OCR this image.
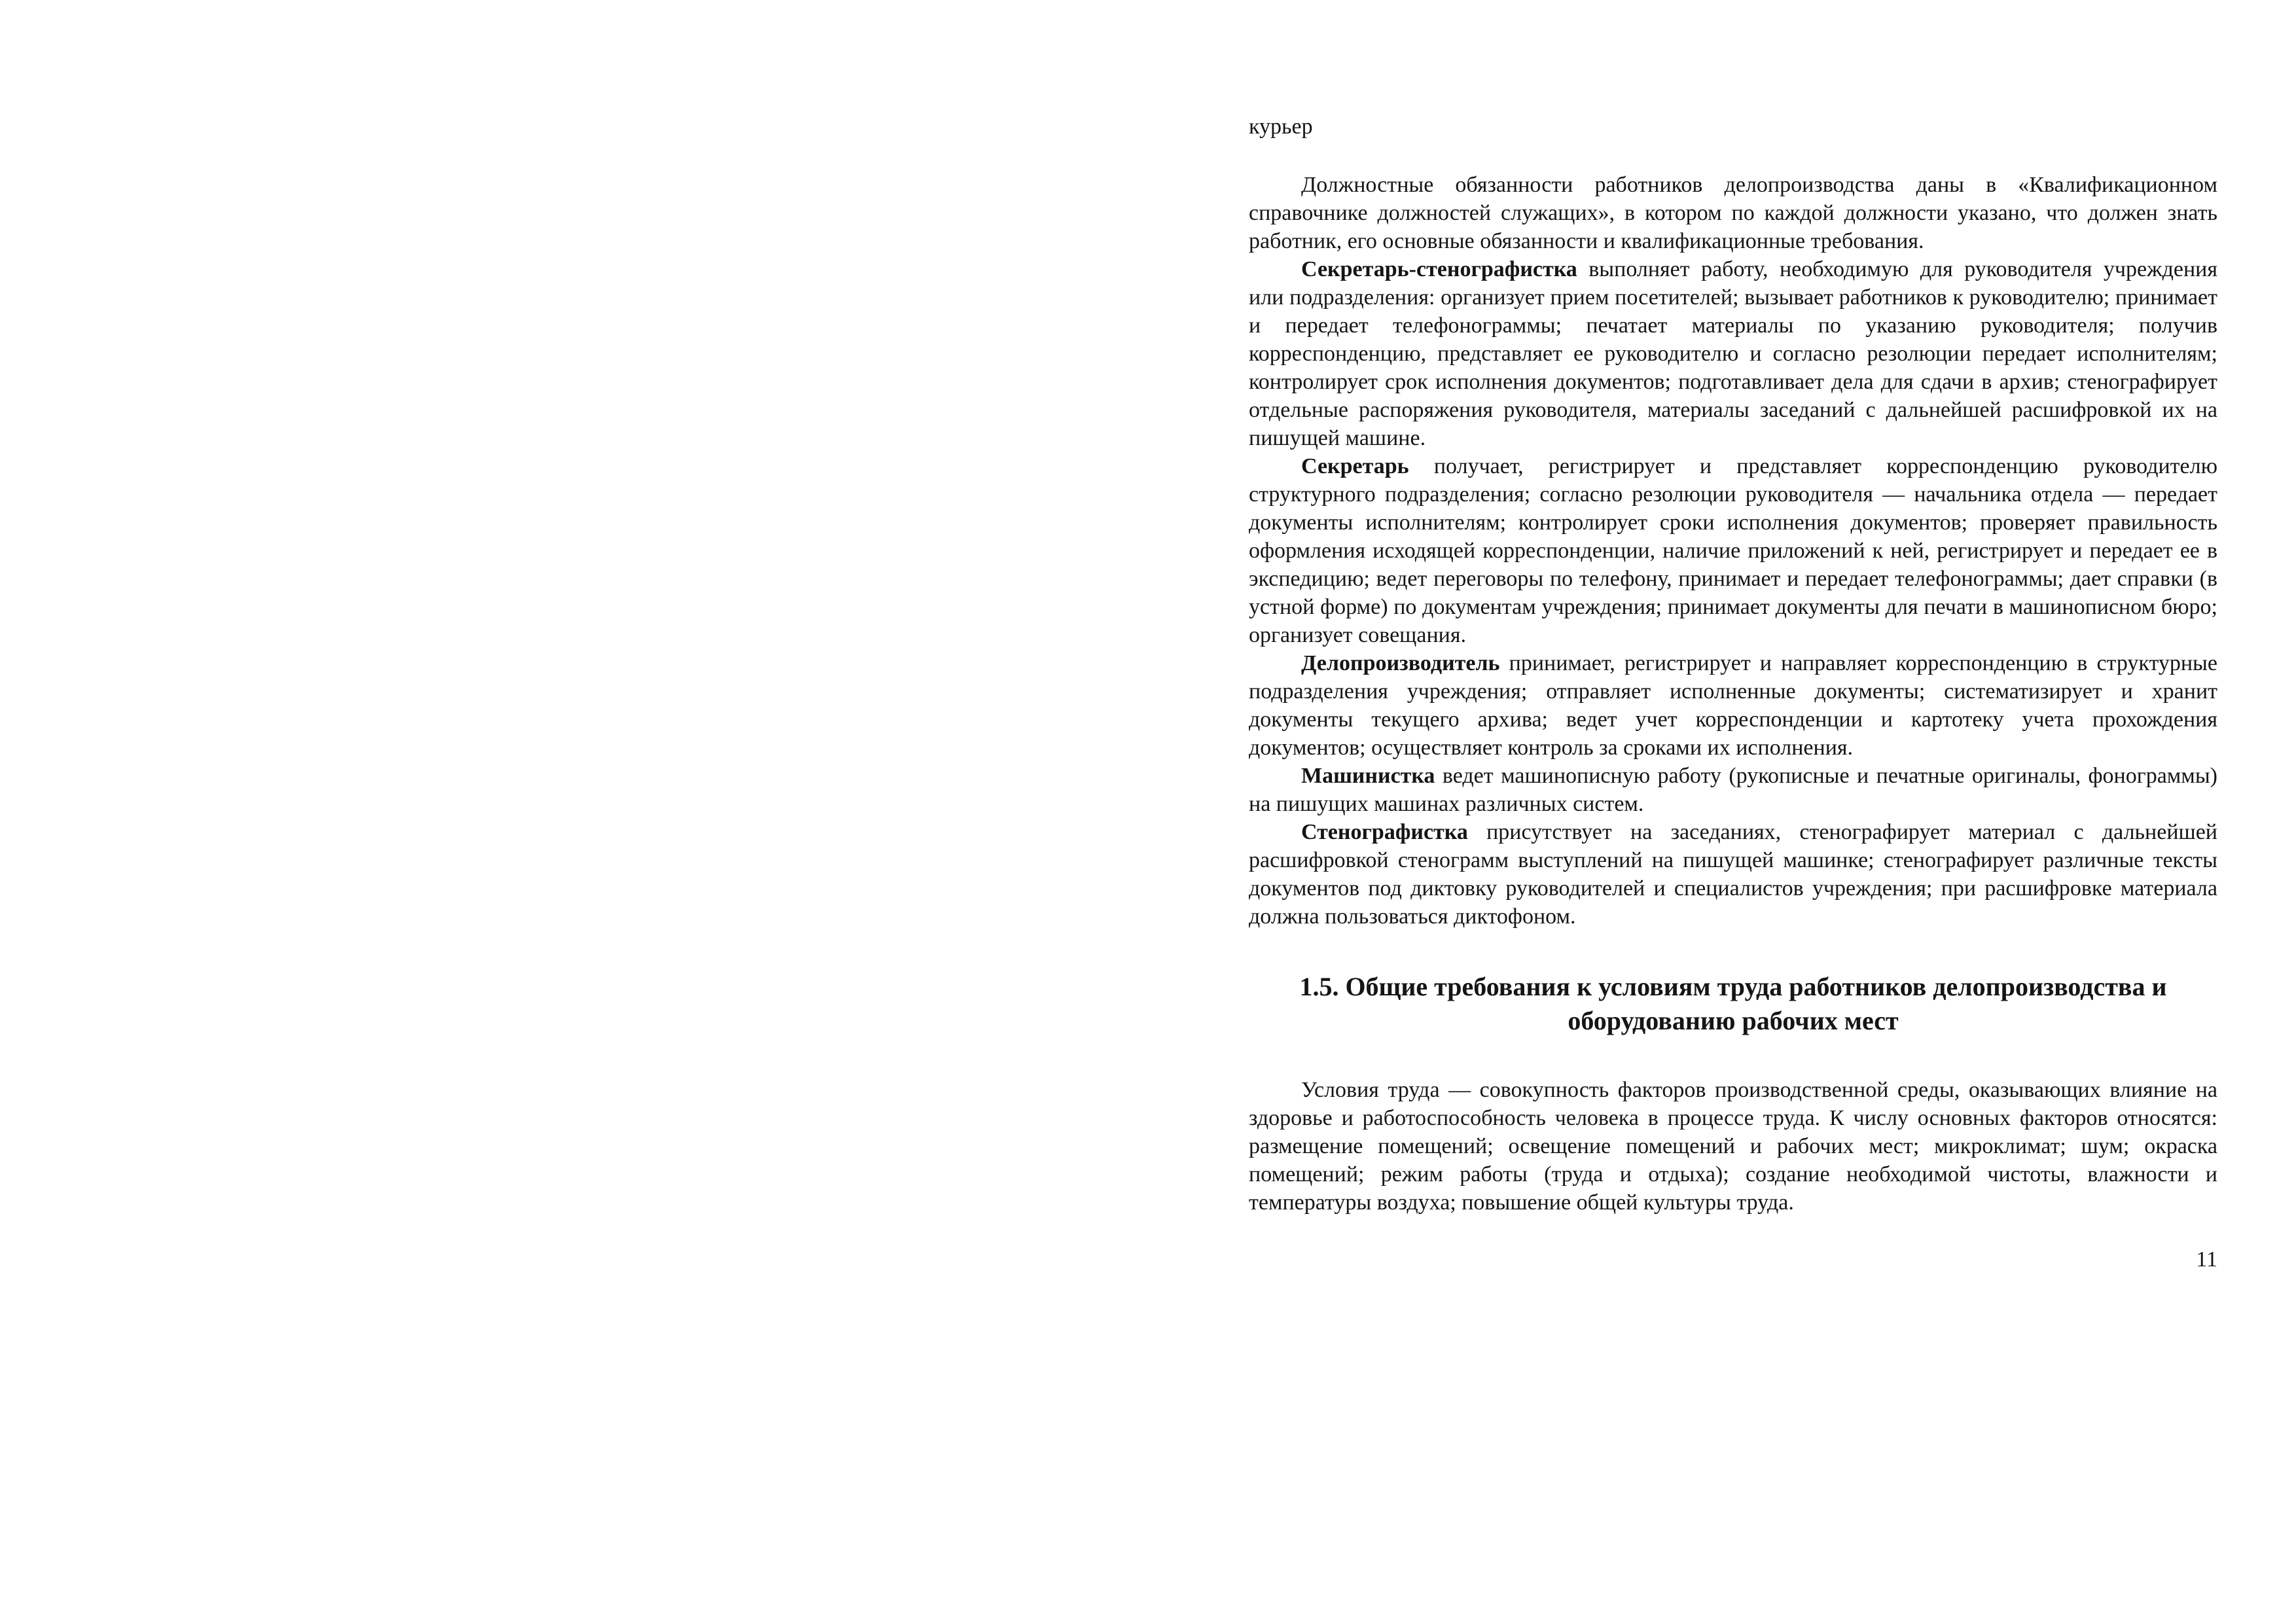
курьер

Должностные обязанности работников делопроизводства даны в «Квалификационном справочнике должностей служащих», в котором по каждой должности указано, что должен знать работник, его основные обязанности и квалификационные требования.

Секретарь-стенографистка выполняет работу, необходимую для руководителя учреждения или подразделения: организует прием посетителей; вызывает работников к руководителю; принимает и передает телефонограммы; печатает материалы по указанию руководителя; получив корреспонденцию, представляет ее руководителю и согласно резолюции передает исполнителям; контролирует срок исполнения документов; подготавливает дела для сдачи в архив; стенографирует отдельные распоряжения руководителя, материалы заседаний с дальнейшей расшифровкой их на пишущей машине.

Секретарь получает, регистрирует и представляет корреспонденцию руководителю структурного подразделения; согласно резолюции руководителя — начальника отдела — передает документы исполнителям; контролирует сроки исполнения документов; проверяет правильность оформления исходящей корреспонденции, наличие приложений к ней, регистрирует и передает ее в экспедицию; ведет переговоры по телефону, принимает и передает телефонограммы; дает справки (в устной форме) по документам учреждения; принимает документы для печати в машинописном бюро; организует совещания.

Делопроизводитель принимает, регистрирует и направляет корреспонденцию в структурные подразделения учреждения; отправляет исполненные документы; систематизирует и хранит документы текущего архива; ведет учет корреспонденции и картотеку учета прохождения документов; осуществляет контроль за сроками их исполнения.

Машинистка ведет машинописную работу (рукописные и печатные оригиналы, фонограммы) на пишущих машинах различных систем.

Стенографистка присутствует на заседаниях, стенографирует материал с дальнейшей расшифровкой стенограмм выступлений на пишущей машинке; стенографирует различные тексты документов под диктовку руководителей и специалистов учреждения; при расшифровке материала должна пользоваться диктофоном.

1.5. Общие требования к условиям труда работников делопроизводства и оборудованию рабочих мест

Условия труда — совокупность факторов производственной среды, оказывающих влияние на здоровье и работоспособность человека в процессе труда. К числу основных факторов относятся: размещение помещений; освещение помещений и рабочих мест; микроклимат; шум; окраска помещений; режим работы (труда и отдыха); создание необходимой чистоты, влажности и температуры воздуха; повышение общей культуры труда.

11
